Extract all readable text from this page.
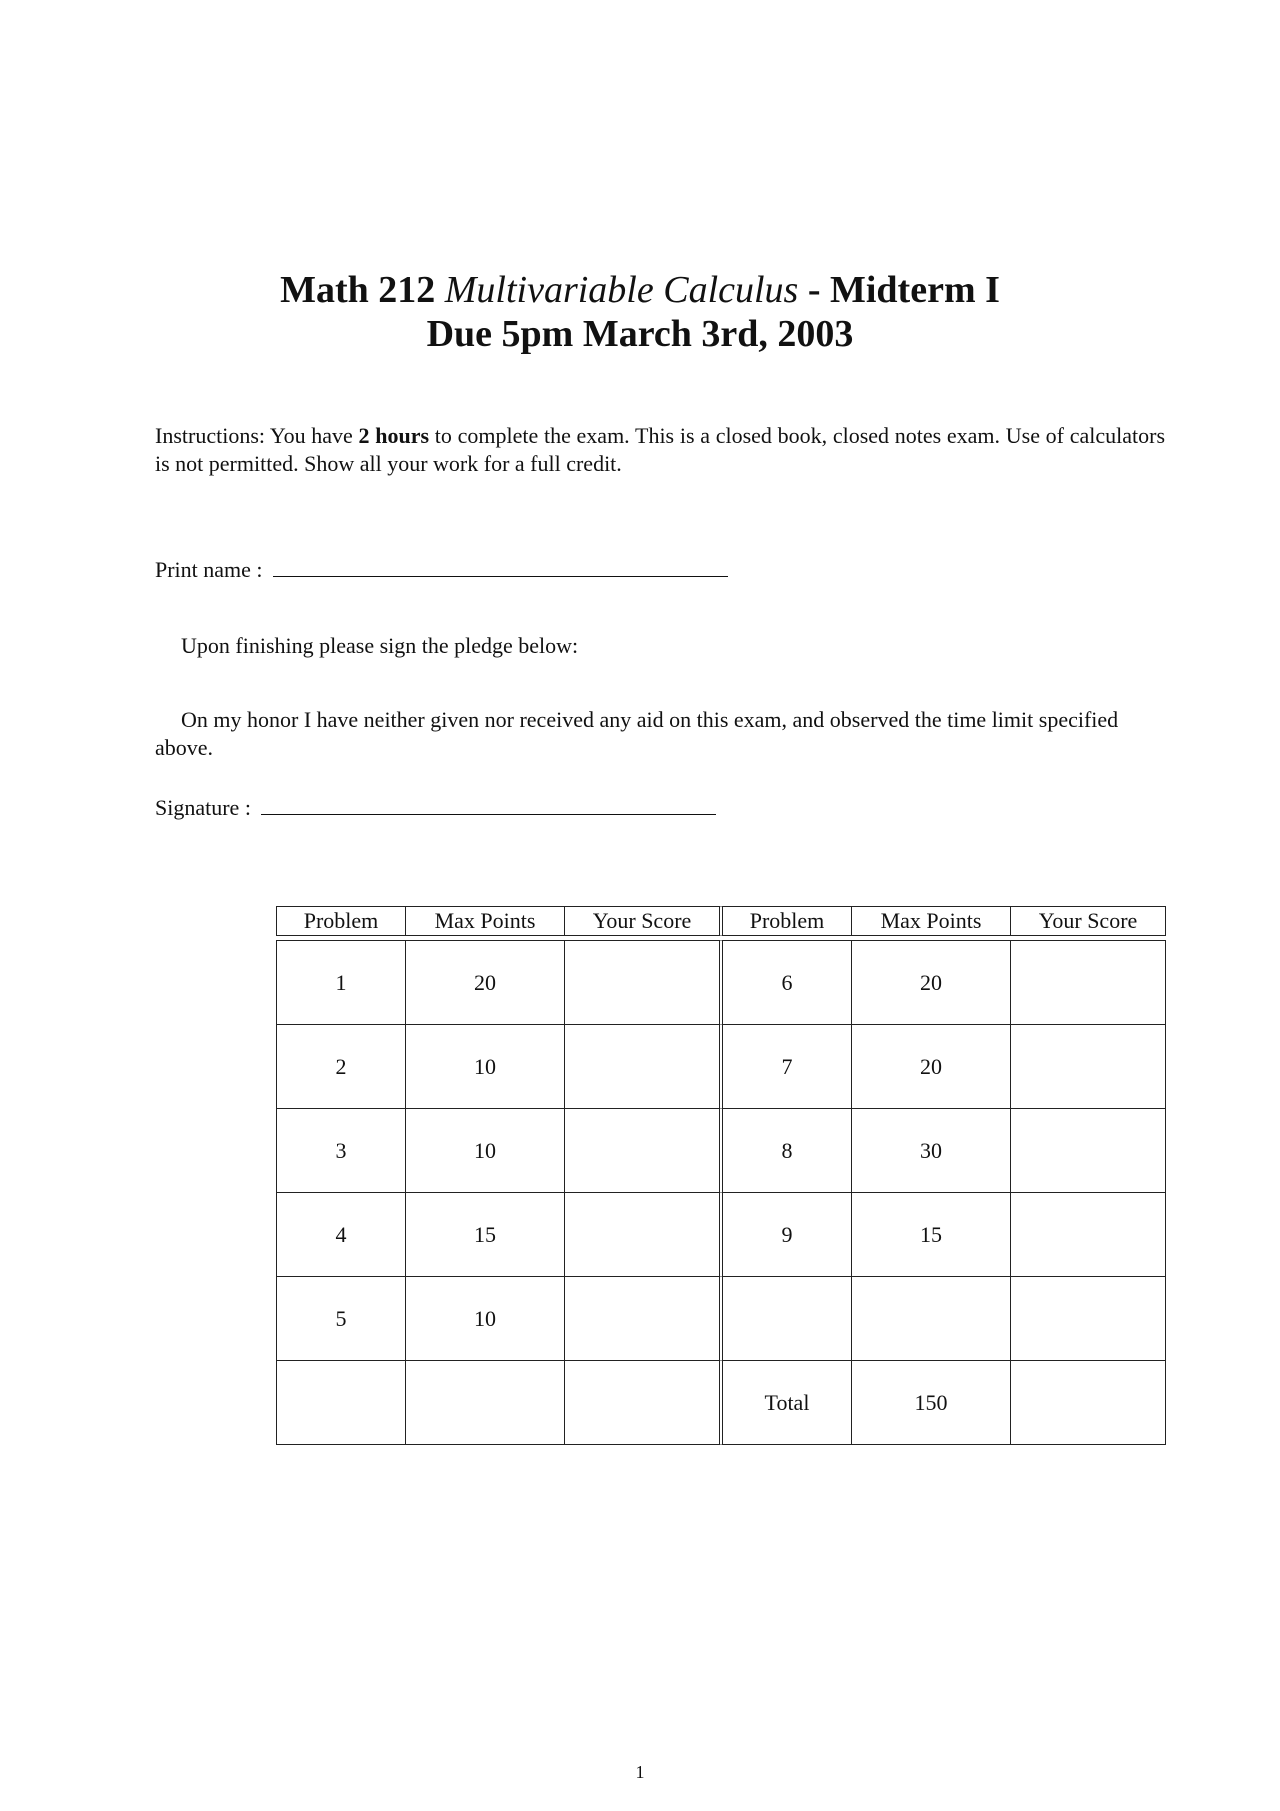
Math 212 Multivariable Calculus - Midterm I
Due 5pm March 3rd, 2003
Instructions: You have 2 hours to complete the exam. This is a closed book, closed notes exam. Use of calculators is not permitted. Show all your work for a full credit.
Print name :
Upon finishing please sign the pledge below:
On my honor I have neither given nor received any aid on this exam, and observed the time limit specified above.
Signature :
Problem	Max Points	Your Score	Problem	Max Points	Your Score

1	20		6	20	
2	10		7	20	
3	10		8	30	
4	15		9	15	
5	10				
			Total	150	
1
